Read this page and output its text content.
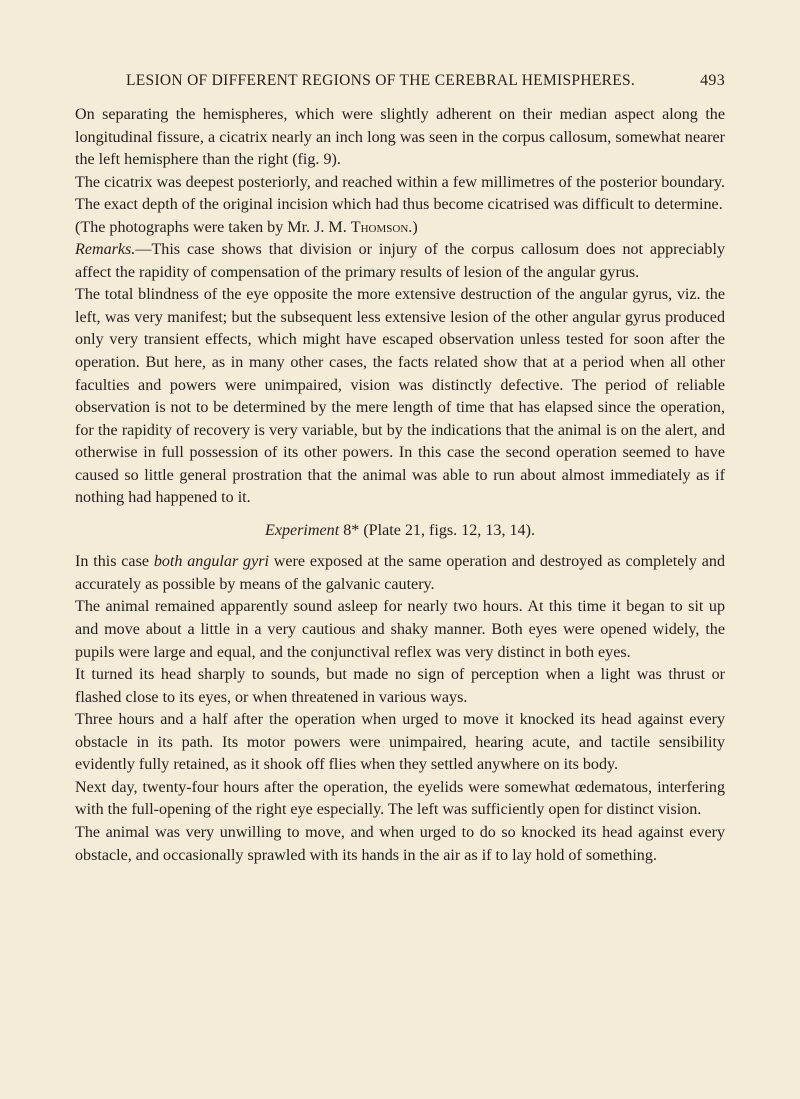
LESION OF DIFFERENT REGIONS OF THE CEREBRAL HEMISPHERES.	493

On separating the hemispheres, which were slightly adherent on their median aspect along the longitudinal fissure, a cicatrix nearly an inch long was seen in the corpus callosum, somewhat nearer the left hemisphere than the right (fig. 9).

The cicatrix was deepest posteriorly, and reached within a few millimetres of the posterior boundary. The exact depth of the original incision which had thus become cicatrised was difficult to determine.

(The photographs were taken by Mr. J. M. Thomson.)

Remarks.—This case shows that division or injury of the corpus callosum does not appreciably affect the rapidity of compensation of the primary results of lesion of the angular gyrus.

The total blindness of the eye opposite the more extensive destruction of the angular gyrus, viz. the left, was very manifest; but the subsequent less extensive lesion of the other angular gyrus produced only very transient effects, which might have escaped observation unless tested for soon after the operation. But here, as in many other cases, the facts related show that at a period when all other faculties and powers were unimpaired, vision was distinctly defective. The period of reliable observation is not to be determined by the mere length of time that has elapsed since the operation, for the rapidity of recovery is very variable, but by the indications that the animal is on the alert, and otherwise in full possession of its other powers. In this case the second operation seemed to have caused so little general prostration that the animal was able to run about almost immediately as if nothing had happened to it.

Experiment 8* (Plate 21, figs. 12, 13, 14).

In this case both angular gyri were exposed at the same operation and destroyed as completely and accurately as possible by means of the galvanic cautery.

The animal remained apparently sound asleep for nearly two hours. At this time it began to sit up and move about a little in a very cautious and shaky manner. Both eyes were opened widely, the pupils were large and equal, and the conjunctival reflex was very distinct in both eyes.

It turned its head sharply to sounds, but made no sign of perception when a light was thrust or flashed close to its eyes, or when threatened in various ways.

Three hours and a half after the operation when urged to move it knocked its head against every obstacle in its path. Its motor powers were unimpaired, hearing acute, and tactile sensibility evidently fully retained, as it shook off flies when they settled anywhere on its body.

Next day, twenty-four hours after the operation, the eyelids were somewhat œdematous, interfering with the full-opening of the right eye especially. The left was sufficiently open for distinct vision.

The animal was very unwilling to move, and when urged to do so knocked its head against every obstacle, and occasionally sprawled with its hands in the air as if to lay hold of something.
